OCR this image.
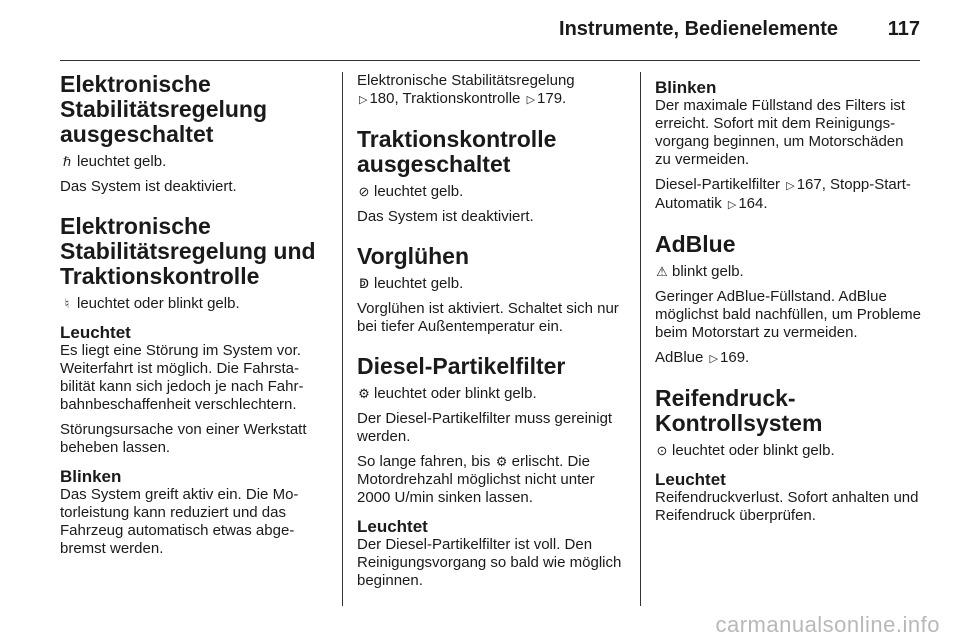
Instrumente, Bedienelemente 117
Elektronische Stabilitätsregelung ausgeschaltet
ℏ leuchtet gelb.
Das System ist deaktiviert.
Elektronische Stabilitätsregelung und Traktionskontrolle
♮ leuchtet oder blinkt gelb.
Leuchtet
Es liegt eine Störung im System vor. Weiterfahrt ist möglich. Die Fahrstabilität kann sich jedoch je nach Fahrbahnbeschaffenheit verschlechtern.
Störungsursache von einer Werkstatt beheben lassen.
Blinken
Das System greift aktiv ein. Die Motorleistung kann reduziert und das Fahrzeug automatisch etwas abgebremst werden.
Elektronische Stabilitätsregelung
▷ 180, Traktionskontrolle ▷ 179.
Traktionskontrolle ausgeschaltet
⊘ leuchtet gelb.
Das System ist deaktiviert.
Vorglühen
ↁ leuchtet gelb.
Vorglühen ist aktiviert. Schaltet sich nur bei tiefer Außentemperatur ein.
Diesel-Partikelfilter
⚙ leuchtet oder blinkt gelb.
Der Diesel-Partikelfilter muss gereinigt werden.
So lange fahren, bis ⚙ erlischt. Die Motordrehzahl möglichst nicht unter 2000 U/min sinken lassen.
Leuchtet
Der Diesel-Partikelfilter ist voll. Den Reinigungsvorgang so bald wie möglich beginnen.
Blinken
Der maximale Füllstand des Filters ist erreicht. Sofort mit dem Reinigungsvorgang beginnen, um Motorschäden zu vermeiden.
Diesel-Partikelfilter ▷ 167, Stopp-Start-Automatik ▷ 164.
AdBlue
⚠ blinkt gelb.
Geringer AdBlue-Füllstand. AdBlue möglichst bald nachfüllen, um Probleme beim Motorstart zu vermeiden.
AdBlue ▷ 169.
Reifendruck-Kontrollsystem
⊙ leuchtet oder blinkt gelb.
Leuchtet
Reifendruckverlust. Sofort anhalten und Reifendruck überprüfen.
carmanualsonline.info
